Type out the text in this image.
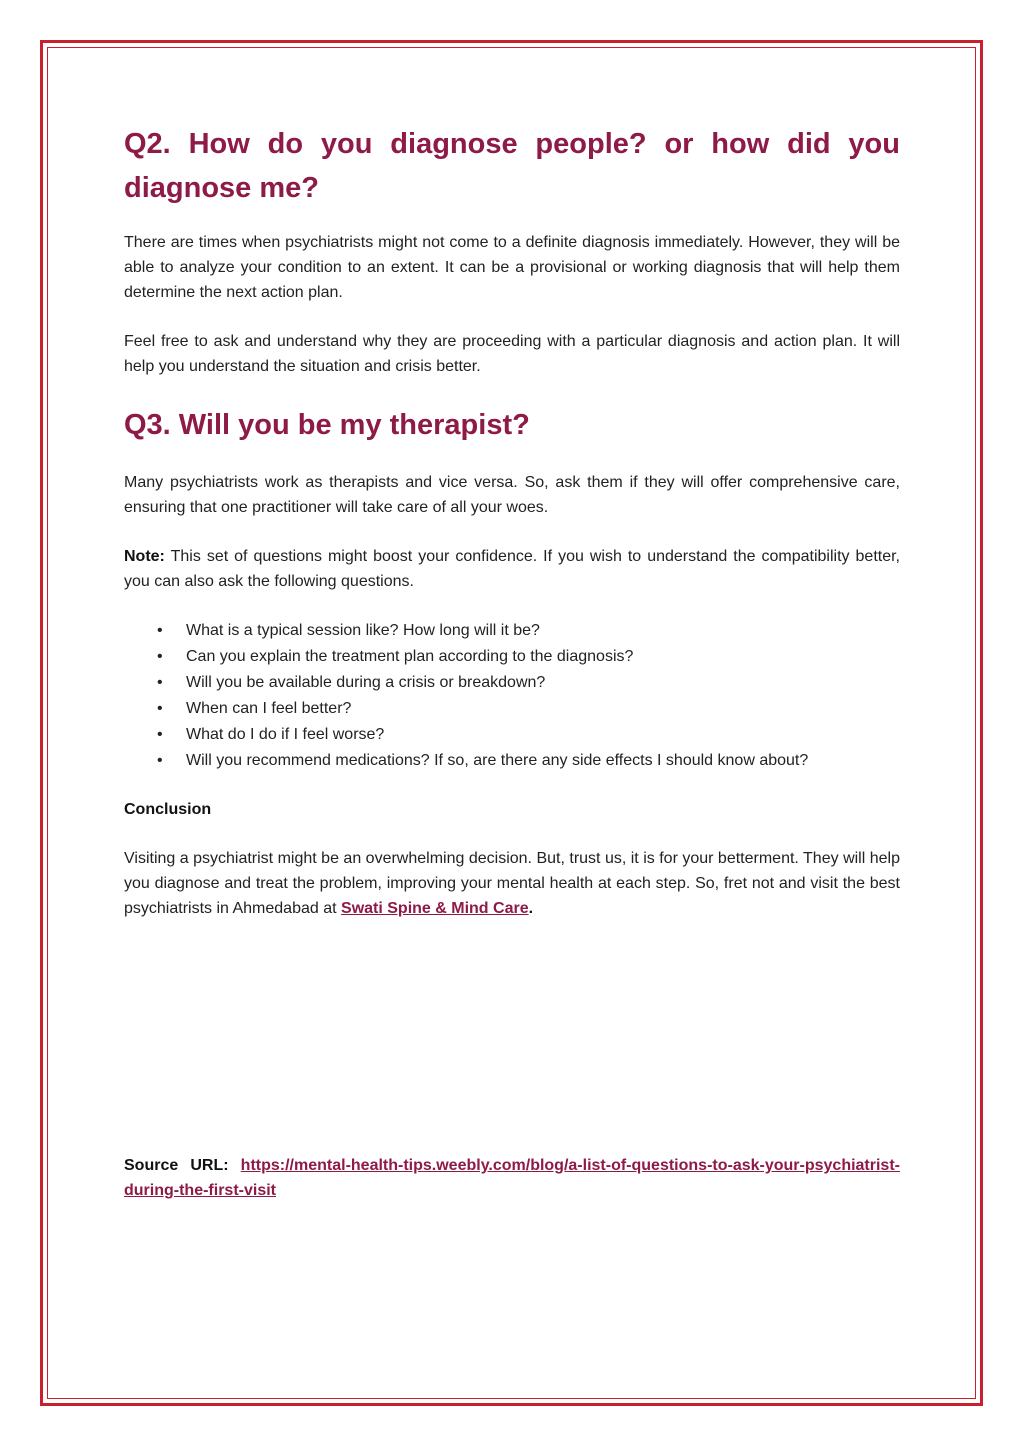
Q2. How do you diagnose people? or how did you diagnose me?

There are times when psychiatrists might not come to a definite diagnosis immediately. However, they will be able to analyze your condition to an extent. It can be a provisional or working diagnosis that will help them determine the next action plan.

Feel free to ask and understand why they are proceeding with a particular diagnosis and action plan. It will help you understand the situation and crisis better.

Q3. Will you be my therapist?

Many psychiatrists work as therapists and vice versa. So, ask them if they will offer comprehensive care, ensuring that one practitioner will take care of all your woes.

Note: This set of questions might boost your confidence. If you wish to understand the compatibility better, you can also ask the following questions.

• What is a typical session like? How long will it be?
• Can you explain the treatment plan according to the diagnosis?
• Will you be available during a crisis or breakdown?
• When can I feel better?
• What do I do if I feel worse?
• Will you recommend medications? If so, are there any side effects I should know about?

Conclusion

Visiting a psychiatrist might be an overwhelming decision. But, trust us, it is for your betterment. They will help you diagnose and treat the problem, improving your mental health at each step. So, fret not and visit the best psychiatrists in Ahmedabad at Swati Spine & Mind Care.

Source URL: https://mental-health-tips.weebly.com/blog/a-list-of-questions-to-ask-your-psychiatrist-during-the-first-visit
